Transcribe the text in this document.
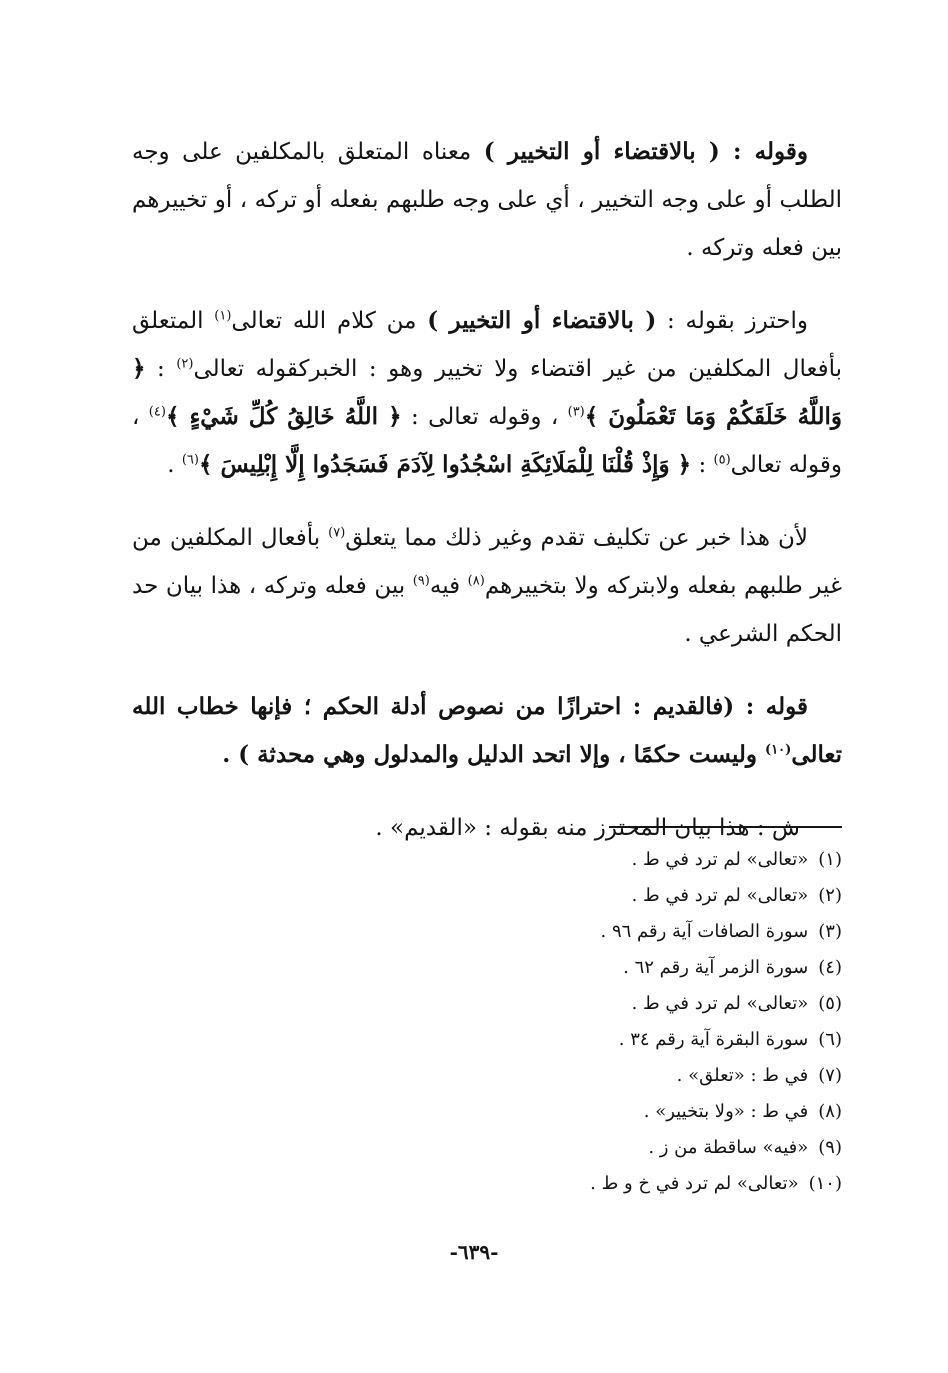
وقوله : ( بالاقتضاء أو التخيير ) معناه المتعلق بالمكلفين على وجه الطلب أو على وجه التخيير ، أي على وجه طلبهم بفعله أو تركه ، أو تخييرهم بين فعله وتركه .

واحترز بقوله : ( بالاقتضاء أو التخيير ) من كلام الله تعالى$^{(١)}$ المتعلق بأفعال المكلفين من غير اقتضاء ولا تخيير وهو : الخبركقوله تعالى$^{(٢)}$ : ﴿ وَاللَّهُ خَلَقَكُمْ وَمَا تَعْمَلُونَ ﴾$^{(٣)}$ ، وقوله تعالى : ﴿ اللَّهُ خَالِقُ كُلِّ شَيْءٍ ﴾$^{(٤)}$ ، وقوله تعالى$^{(٥)}$ : ﴿ وَإِذْ قُلْنَا لِلْمَلَائِكَةِ اسْجُدُوا لِآدَمَ فَسَجَدُوا إِلَّا إِبْلِيسَ ﴾$^{(٦)}$ .

لأن هذا خبر عن تكليف تقدم وغير ذلك مما يتعلق$^{(٧)}$ بأفعال المكلفين من غير طلبهم بفعله ولابتركه ولا بتخييرهم$^{(٨)}$ فيه$^{(٩)}$ بين فعله وتركه ، هذا بيان حد الحكم الشرعي .

قوله : (فالقديم : احترازًا من نصوص أدلة الحكم ؛ فإنها خطاب الله تعالى$^{(١٠)}$ وليست حكمًا ، وإلا اتحد الدليل والمدلول وهي محدثة ) .

ش : هذا بيان المحترز منه بقوله : «القديم» .

(١)«تعالى» لم ترد في ط .
(٢)«تعالى» لم ترد في ط .
(٣)سورة الصافات آية رقم ٩٦ .
(٤)سورة الزمر آية رقم ٦٢ .
(٥)«تعالى» لم ترد في ط .
(٦)سورة البقرة آية رقم ٣٤ .
(٧)في ط : «تعلق» .
(٨)في ط : «ولا بتخيير» .
(٩)«فيه» ساقطة من ز .
(١٠)«تعالى» لم ترد في خ و ط .
-٦٣٩-
